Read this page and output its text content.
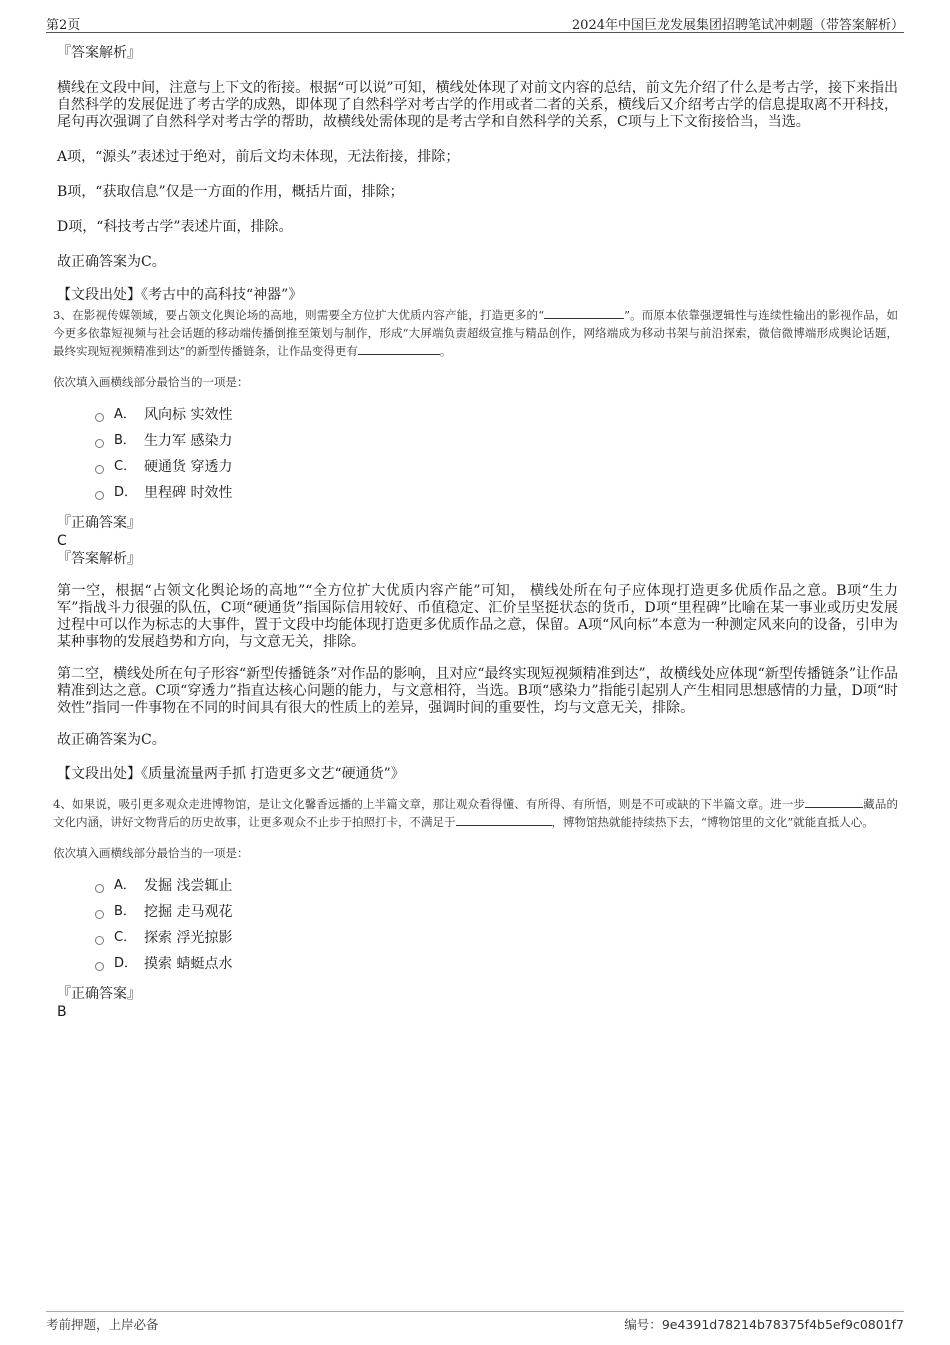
第2页	2024年中国巨龙发展集团招聘笔试冲刺题（带答案解析）
『答案解析』

横线在文段中间，注意与上下文的衔接。根据“可以说”可知，横线处体现了对前文内容的总结，前文先介绍了什么是考古学，接下来指出自然科学的发展促进了考古学的成熟，即体现了自然科学对考古学的作用或者二者的关系，横线后又介绍考古学的信息提取离不开科技，尾句再次强调了自然科学对考古学的帮助，故横线处需体现的是考古学和自然科学的关系，C项与上下文衔接恰当，当选。

A项，“源头”表述过于绝对，前后文均未体现，无法衔接，排除；

B项，“获取信息”仅是一方面的作用，概括片面，排除；

D项，“科技考古学”表述片面，排除。

故正确答案为C。

【文段出处】《考古中的高科技“神器”》

3、在影视传媒领域，要占领文化舆论场的高地，则需要全方位扩大优质内容产能，打造更多的“	”。而原本依靠强逻辑性与连续性输出的影视作品，如今更多依靠短视频与社会话题的移动端传播倒推至策划与制作，形成“大屏端负责超级宣推与精品创作，网络端成为移动书架与前沿探索，微信微博端形成舆论话题，最终实现短视频精准到达”的新型传播链条，让作品变得更有	。

依次填入画横线部分最恰当的一项是：

A． 风向标 实效性
B． 生力军 感染力
C． 硬通货 穿透力
D． 里程碑 时效性
『正确答案』
C
『答案解析』

第一空，根据“占领文化舆论场的高地”“全方位扩大优质内容产能”可知， 横线处所在句子应体现打造更多优质作品之意。B项“生力军”指战斗力很强的队伍，C项“硬通货”指国际信用较好、币值稳定、汇价呈坚挺状态的货币，D项“里程碑”比喻在某一事业或历史发展过程中可以作为标志的大事件，置于文段中均能体现打造更多优质作品之意，保留。A项“风向标”本意为一种测定风来向的设备，引申为某种事物的发展趋势和方向，与文意无关，排除。

第二空，横线处所在句子形容“新型传播链条”对作品的影响，且对应“最终实现短视频精准到达”，故横线处应体现“新型传播链条”让作品精准到达之意。C项“穿透力”指直达核心问题的能力，与文意相符，当选。B项“感染力”指能引起别人产生相同思想感情的力量，D项“时效性”指同一件事物在不同的时间具有很大的性质上的差异，强调时间的重要性，均与文意无关，排除。

故正确答案为C。

【文段出处】《质量流量两手抓 打造更多文艺“硬通货”》

4、如果说，吸引更多观众走进博物馆，是让文化馨香远播的上半篇文章，那让观众看得懂、有所得、有所悟，则是不可或缺的下半篇文章。进一步	藏品的文化内涵，讲好文物背后的历史故事，让更多观众不止步于拍照打卡，不满足于	，博物馆热就能持续热下去，“博物馆里的文化”就能直抵人心。

依次填入画横线部分最恰当的一项是：

A． 发掘 浅尝辄止
B． 挖掘 走马观花
C． 探索 浮光掠影
D． 摸索 蜻蜓点水
『正确答案』
B
考前押题，上岸必备	编号：9e4391d78214b78375f4b5ef9c0801f7
